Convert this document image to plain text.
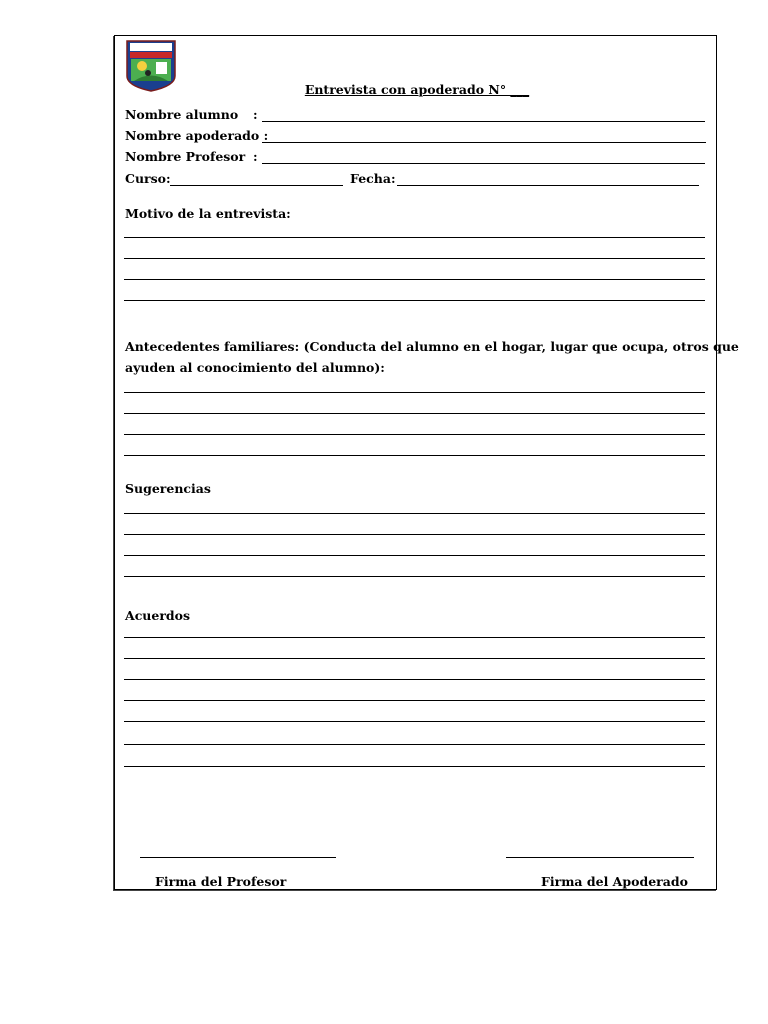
Entrevista con apoderado N° ___
Nombre alumno :
Nombre apoderado :
Nombre Profesor :
Curso:	Fecha:
Motivo de la entrevista:
Antecedentes familiares: (Conducta del alumno en el hogar, lugar que ocupa, otros que
ayuden al conocimiento del alumno):
Sugerencias
Acuerdos
Firma del Profesor	Firma del Apoderado
